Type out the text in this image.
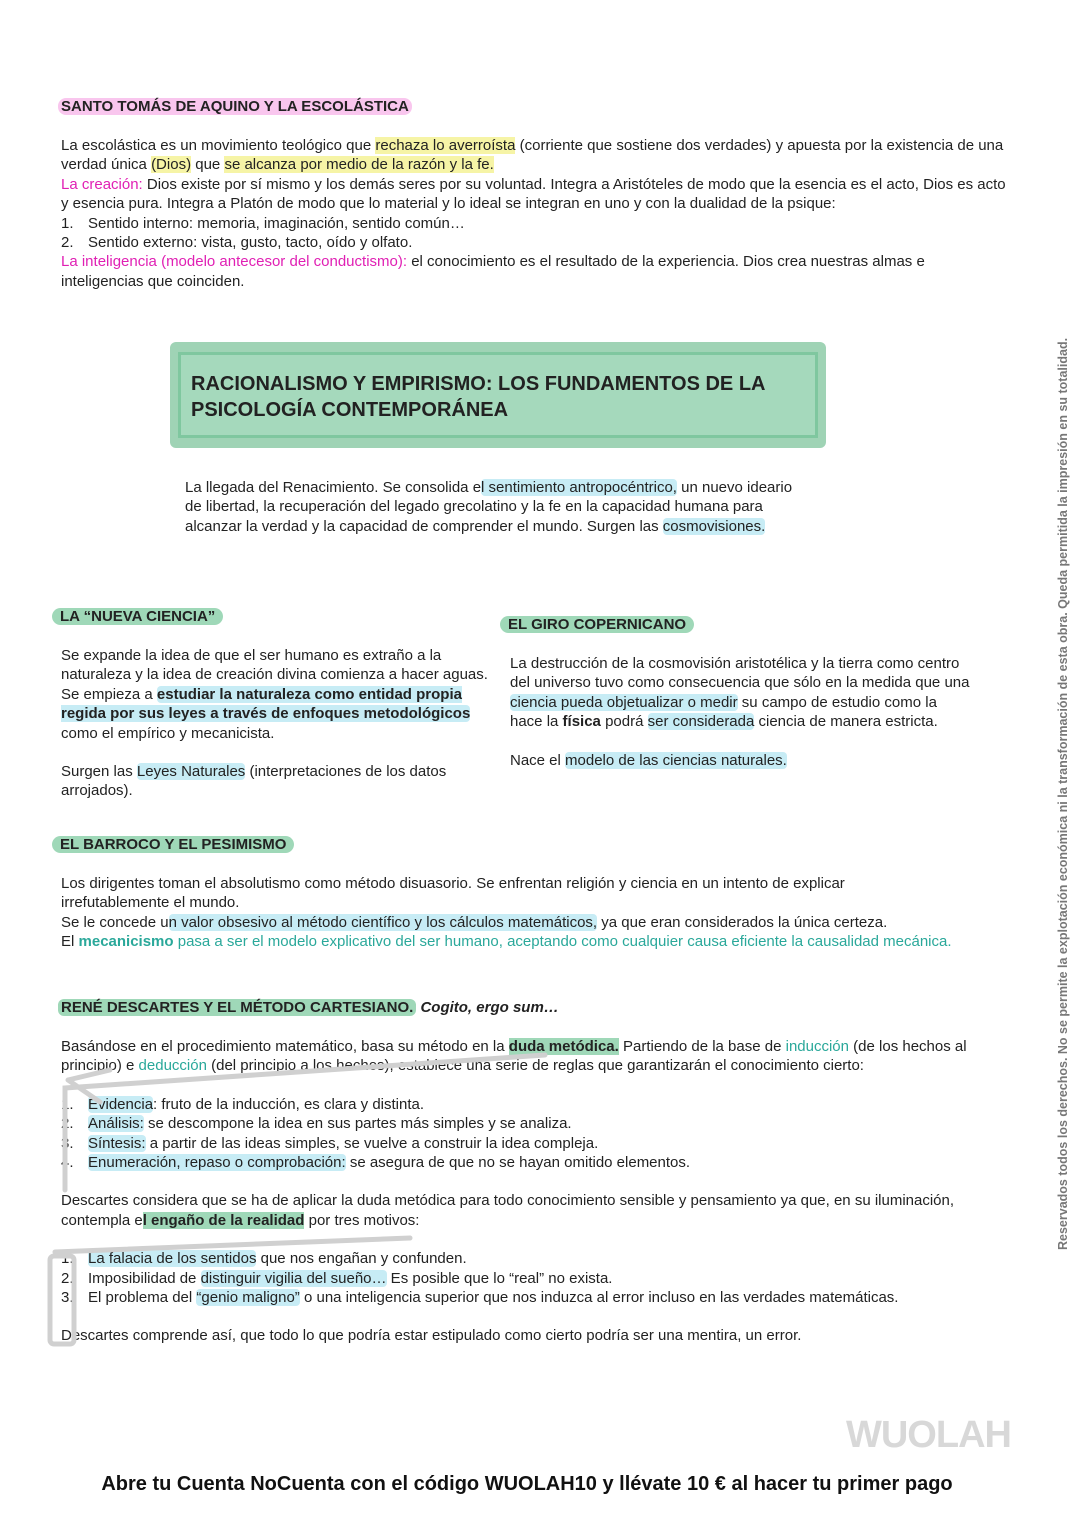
SANTO TOMÁS DE AQUINO Y LA ESCOLÁSTICA
La escolástica es un movimiento teológico que rechaza lo averroísta (corriente que sostiene dos verdades) y apuesta por la existencia de una verdad única (Dios) que se alcanza por medio de la razón y la fe.
La creación: Dios existe por sí mismo y los demás seres por su voluntad. Integra a Aristóteles de modo que la esencia es el acto, Dios es acto y esencia pura. Integra a Platón de modo que lo material y lo ideal se integran en uno y con la dualidad de la psique:
1. Sentido interno: memoria, imaginación, sentido común…
2. Sentido externo: vista, gusto, tacto, oído y olfato.
La inteligencia (modelo antecesor del conductismo): el conocimiento es el resultado de la experiencia. Dios crea nuestras almas e inteligencias que coinciden.
RACIONALISMO Y EMPIRISMO: LOS FUNDAMENTOS DE LA PSICOLOGÍA CONTEMPORÁNEA
La llegada del Renacimiento. Se consolida el sentimiento antropocéntrico, un nuevo ideario de libertad, la recuperación del legado grecolatino y la fe en la capacidad humana para alcanzar la verdad y la capacidad de comprender el mundo. Surgen las cosmovisiones.
LA “NUEVA CIENCIA”
Se expande la idea de que el ser humano es extraño a la naturaleza y la idea de creación divina comienza a hacer aguas. Se empieza a estudiar la naturaleza como entidad propia regida por sus leyes a través de enfoques metodológicos como el empírico y mecanicista.
Surgen las Leyes Naturales (interpretaciones de los datos arrojados).
EL GIRO COPERNICANO
La destrucción de la cosmovisión aristotélica y la tierra como centro del universo tuvo como consecuencia que sólo en la medida que una ciencia pueda objetualizar o medir su campo de estudio como la hace la física podrá ser considerada ciencia de manera estricta.
Nace el modelo de las ciencias naturales.
EL BARROCO Y EL PESIMISMO
Los dirigentes toman el absolutismo como método disuasorio. Se enfrentan religión y ciencia en un intento de explicar irrefutablemente el mundo.
Se le concede un valor obsesivo al método científico y los cálculos matemáticos, ya que eran considerados la única certeza.
El mecanicismo pasa a ser el modelo explicativo del ser humano, aceptando como cualquier causa eficiente la causalidad mecánica.
RENÉ DESCARTES Y EL MÉTODO CARTESIANO. Cogito, ergo sum…
Basándose en el procedimiento matemático, basa su método en la duda metódica. Partiendo de la base de inducción (de los hechos al principio) e deducción (del principio a los hechos), establece una serie de reglas que garantizarán el conocimiento cierto:
1. Evidencia: fruto de la inducción, es clara y distinta.
2. Análisis: se descompone la idea en sus partes más simples y se analiza.
3. Síntesis: a partir de las ideas simples, se vuelve a construir la idea compleja.
4. Enumeración, repaso o comprobación: se asegura de que no se hayan omitido elementos.
Descartes considera que se ha de aplicar la duda metódica para todo conocimiento sensible y pensamiento ya que, en su iluminación, contempla el engaño de la realidad por tres motivos:
1. La falacia de los sentidos que nos engañan y confunden.
2. Imposibilidad de distinguir vigilia del sueño… Es posible que lo “real” no exista.
3. El problema del “genio maligno” o una inteligencia superior que nos induzca al error incluso en las verdades matemáticas.
Descartes comprende así, que todo lo que podría estar estipulado como cierto podría ser una mentira, un error.
Reservados todos los derechos. No se permite la explotación económica ni la transformación de esta obra. Queda permitida la impresión en su totalidad.
WUOLAH
Abre tu Cuenta NoCuenta con el código WUOLAH10 y llévate 10 € al hacer tu primer pago
